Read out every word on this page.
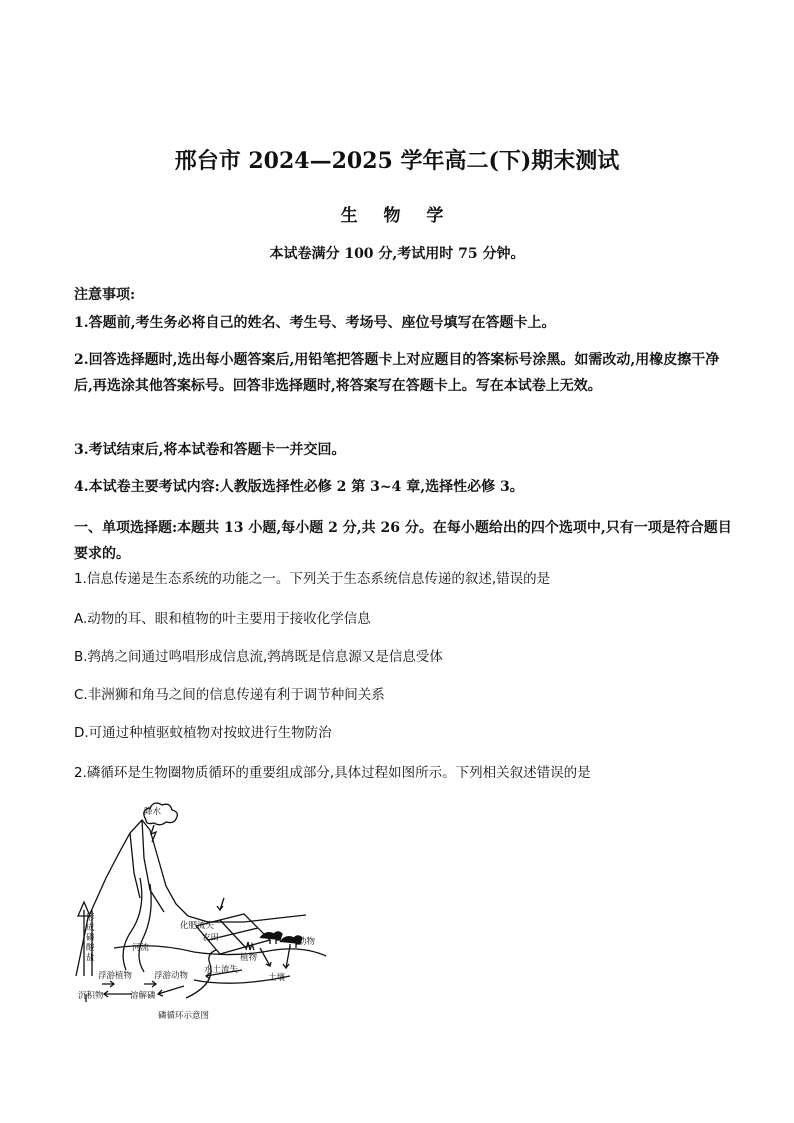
邢台市 2024—2025 学年高二(下)期末测试
生 物 学
本试卷满分 100 分,考试用时 75 分钟。
注意事项:
1.答题前,考生务必将自己的姓名、考生号、考场号、座位号填写在答题卡上。
2.回答选择题时,选出每小题答案后,用铅笔把答题卡上对应题目的答案标号涂黑。如需改动,用橡皮擦干净后,再选涂其他答案标号。回答非选择题时,将答案写在答题卡上。写在本试卷上无效。
3.考试结束后,将本试卷和答题卡一并交回。
4.本试卷主要考试内容:人教版选择性必修 2 第 3~4 章,选择性必修 3。
一、单项选择题:本题共 13 小题,每小题 2 分,共 26 分。在每小题给出的四个选项中,只有一项是符合题目要求的。
1.信息传递是生态系统的功能之一。下列关于生态系统信息传递的叙述,错误的是
A.动物的耳、眼和植物的叶主要用于接收化学信息
B.鹁鸪之间通过鸣唱形成信息流,鹁鸪既是信息源又是信息受体
C.非洲狮和角马之间的信息传递有利于调节种间关系
D.可通过种植驱蚊植物对按蚊进行生物防治
2.磷循环是生物圈物质循环的重要组成部分,具体过程如图所示。下列相关叙述错误的是
降水
化肥流失
农田
河流
植物
动物
土壤
水土流失
浮游植物	浮游动物
沉积物	溶解磷
形
成
磷
酸
盐
磷循环示意图
